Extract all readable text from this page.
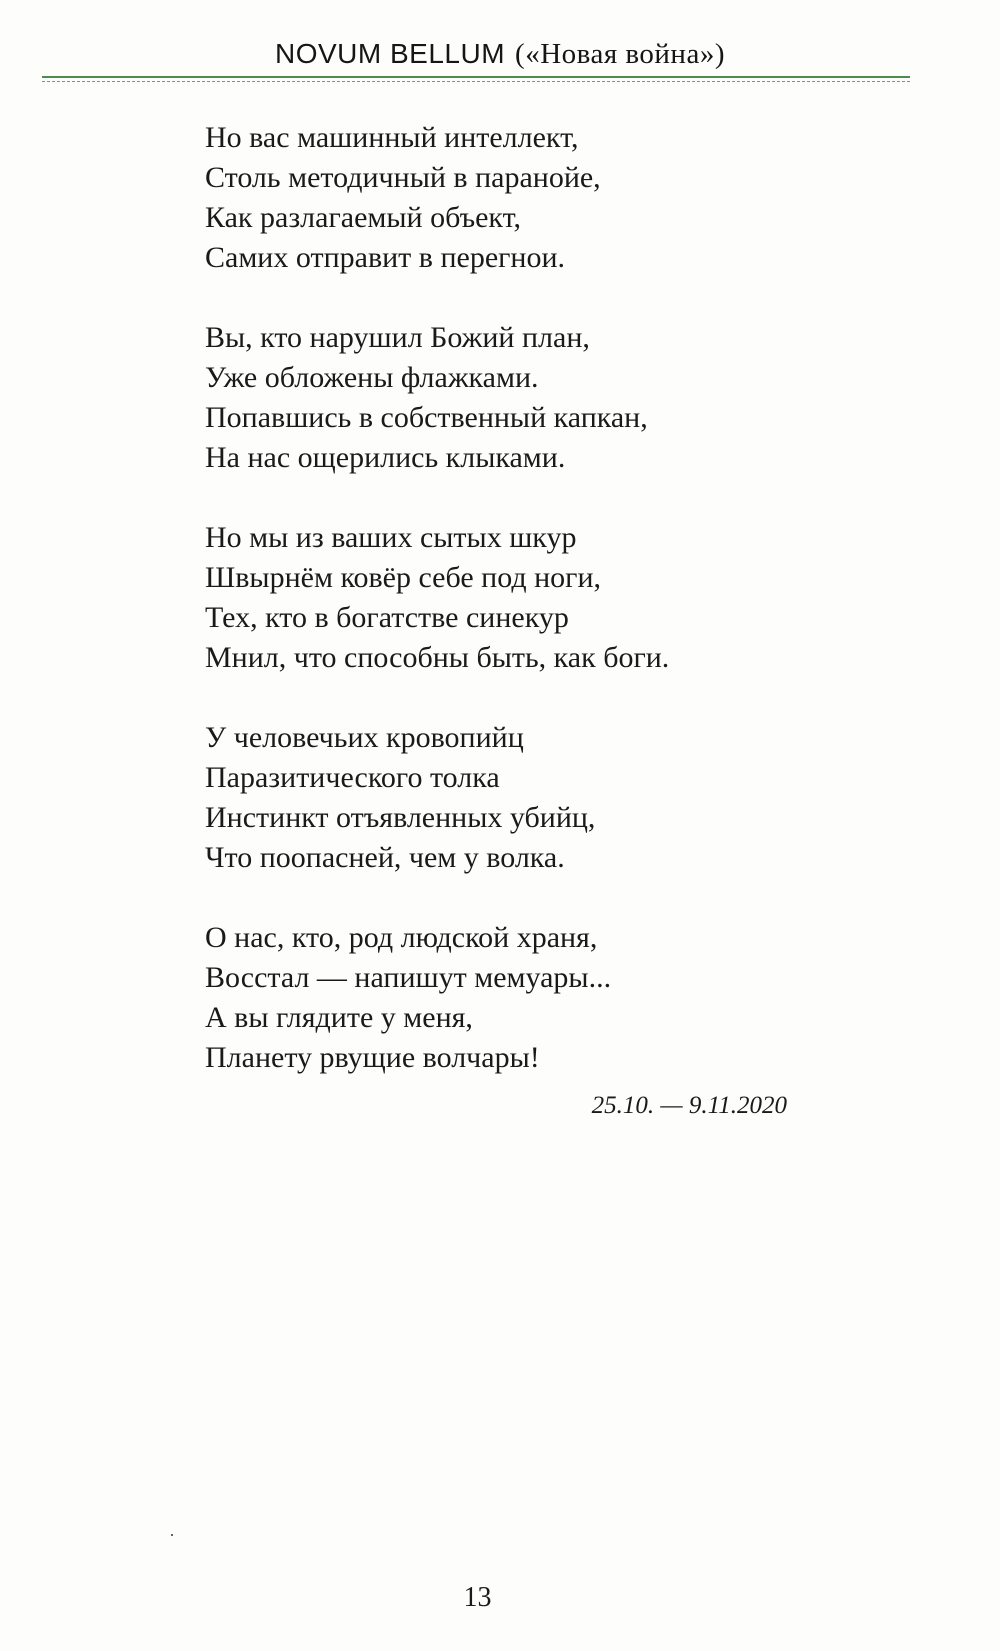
NOVUM BELLUM («Новая война»)
Но вас машинный интеллект,
Столь методичный в паранойе,
Как разлагаемый объект,
Самих отправит в перегнои.
Вы, кто нарушил Божий план,
Уже обложены флажками.
Попавшись в собственный капкан,
На нас ощерились клыками.
Но мы из ваших сытых шкур
Швырнём ковёр себе под ноги,
Тех, кто в богатстве синекур
Мнил, что способны быть, как боги.
У человечьих кровопийц
Паразитического толка
Инстинкт отъявленных убийц,
Что поопасней, чем у волка.
О нас, кто, род людской храня,
Восстал — напишут мемуары...
А вы глядите у меня,
Планету рвущие волчары!
25.10. — 9.11.2020
13
